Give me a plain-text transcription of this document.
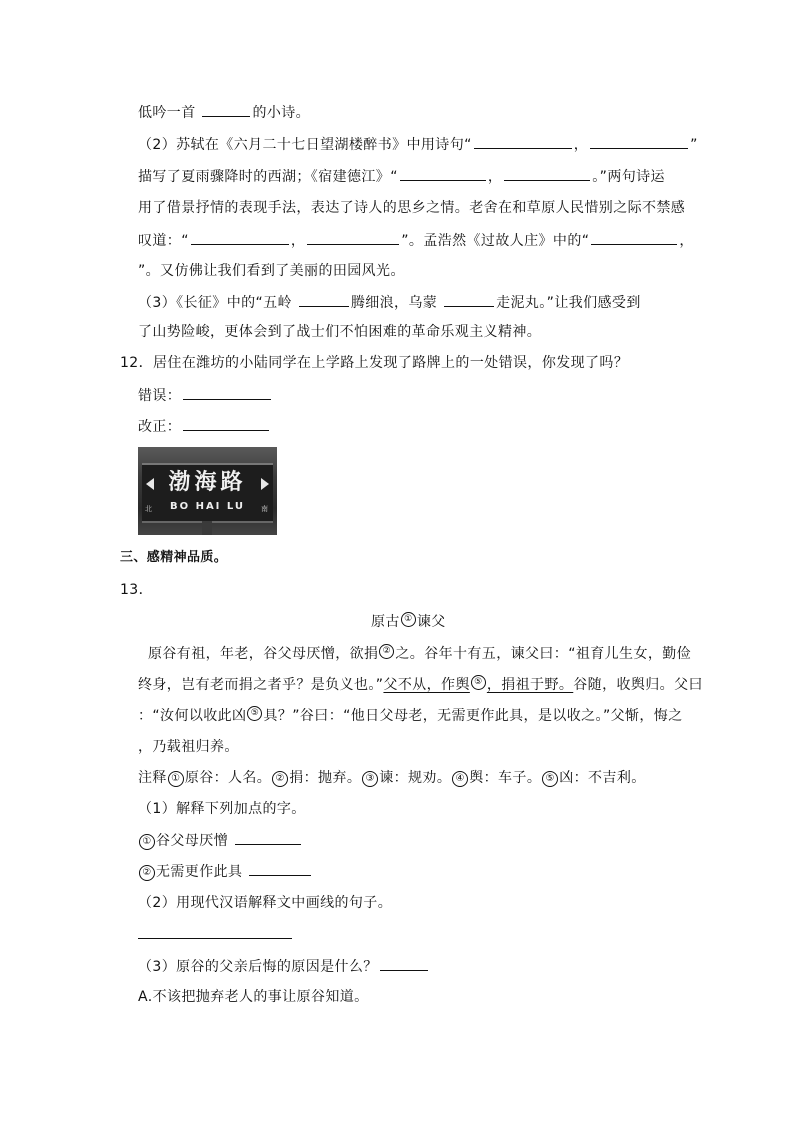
低吟一首	的小诗。
（2）苏轼在《六月二十七日望湖楼醉书》中用诗句“	，	”
描写了夏雨骤降时的西湖；《宿建德江》“	，	。”两句诗运
用了借景抒情的表现手法，表达了诗人的思乡之情。老舍在和草原人民惜别之际不禁感
叹道：“	，	”。孟浩然《过故人庄》中的“	，
”。又仿佛让我们看到了美丽的田园风光。
（3）《长征》中的“五岭	腾细浪，乌蒙	走泥丸。”让我们感受到
了山势险峻，更体会到了战士们不怕困难的革命乐观主义精神。
12．居住在潍坊的小陆同学在上学路上发现了路牌上的一处错误，你发现了吗？
错误：
改正：
渤海路
北	BO HAI LU	南
三、感精神品质。
13．
原古 ① 谏父
原谷有祖，年老，谷父母厌憎，欲捐 ② 之。谷年十有五，谏父曰：“祖育儿生女，勤俭
终身，岂有老而捐之者乎？是负义也。”父不从，作舆 ⑤ ，捐祖于野。谷随，收舆归。父曰
：“汝何以收此凶 ⑤ 具？”谷曰：“他日父母老，无需更作此具，是以收之。”父惭，悔之
，乃载祖归养。
注释 ① 原谷：人名。 ② 捐：抛弃。 ③ 谏：规劝。 ④ 舆：车子。 ⑤ 凶：不吉利。
（1）解释下列加点的字。
① 谷父母厌憎
② 无需更作此具
（2）用现代汉语解释文中画线的句子。
（3）原谷的父亲后悔的原因是什么？
A.不该把抛弃老人的事让原谷知道。
